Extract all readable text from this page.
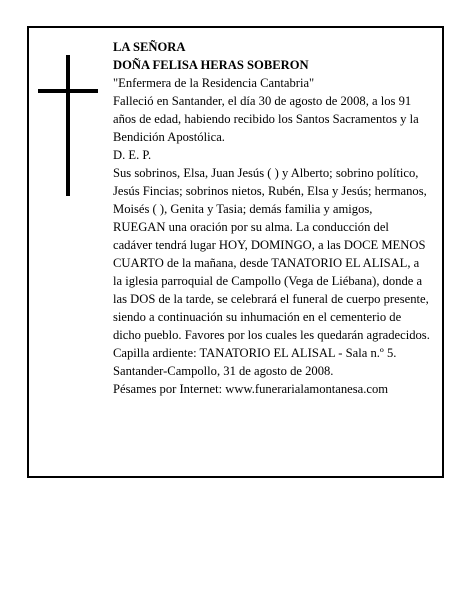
LA SEÑORA

DOÑA FELISA HERAS SOBERON

"Enfermera de la Residencia Cantabria"

Falleció en Santander, el día 30 de agosto de 2008, a los 91 años de edad, habiendo recibido los Santos Sacramentos y la Bendición Apostólica.

D. E. P.

Sus sobrinos, Elsa, Juan Jesús ( ) y Alberto; sobrino político, Jesús Fincias; sobrinos nietos, Rubén, Elsa y Jesús; hermanos, Moisés ( ), Genita y Tasia; demás familia y amigos,

RUEGAN una oración por su alma. La conducción del cadáver tendrá lugar HOY, DOMINGO, a las DOCE MENOS CUARTO de la mañana, desde TANATORIO EL ALISAL, a la iglesia parroquial de Campollo (Vega de Liébana), donde a las DOS de la tarde, se celebrará el funeral de cuerpo presente, siendo a continuación su inhumación en el cementerio de dicho pueblo. Favores por los cuales les quedarán agradecidos.

Capilla ardiente: TANATORIO EL ALISAL - Sala n.º 5.

Santander-Campollo, 31 de agosto de 2008.

Pésames por Internet: www.funerarialamontanesa.com
